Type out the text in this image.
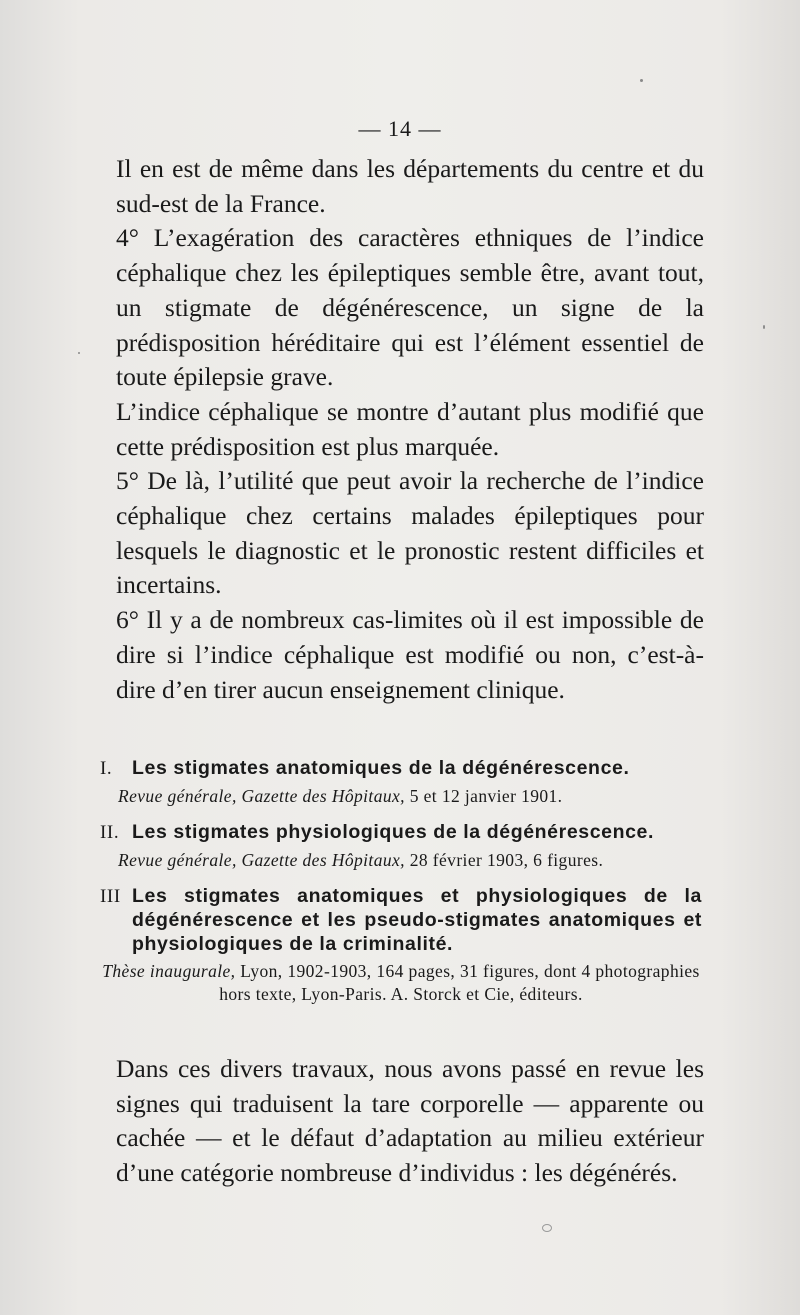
— 14 —

Il en est de même dans les départements du centre et du sud-est de la France.

4° L’exagération des caractères ethniques de l’indice céphalique chez les épileptiques semble être, avant tout, un stigmate de dégénérescence, un signe de la prédisposition héréditaire qui est l’élément essentiel de toute épilepsie grave.

L’indice céphalique se montre d’autant plus modifié que cette prédisposition est plus marquée.

5° De là, l’utilité que peut avoir la recherche de l’indice céphalique chez certains malades épileptiques pour lesquels le diagnostic et le pronostic restent difficiles et incertains.

6° Il y a de nombreux cas-limites où il est impossible de dire si l’indice céphalique est modifié ou non, c’est-à-dire d’en tirer aucun enseignement clinique.

I.	Les stigmates anatomiques de la dégénérescence.
Revue générale, Gazette des Hôpitaux, 5 et 12 janvier 1901.
II. Les stigmates physiologiques de la dégénérescence.
Revue générale, Gazette des Hôpitaux, 28 février 1903, 6 figures.
III Les stigmates anatomiques et physiologiques de la dégénérescence et les pseudo-stigmates anatomiques et physiologiques de la criminalité.
Thèse inaugurale, Lyon, 1902-1903, 164 pages, 31 figures, dont 4 photographies hors texte, Lyon-Paris. A. Storck et Cie, éditeurs.

Dans ces divers travaux, nous avons passé en revue les signes qui traduisent la tare corporelle — apparente ou cachée — et le défaut d’adaptation au milieu extérieur d’une catégorie nombreuse d’individus : les dégénérés.
